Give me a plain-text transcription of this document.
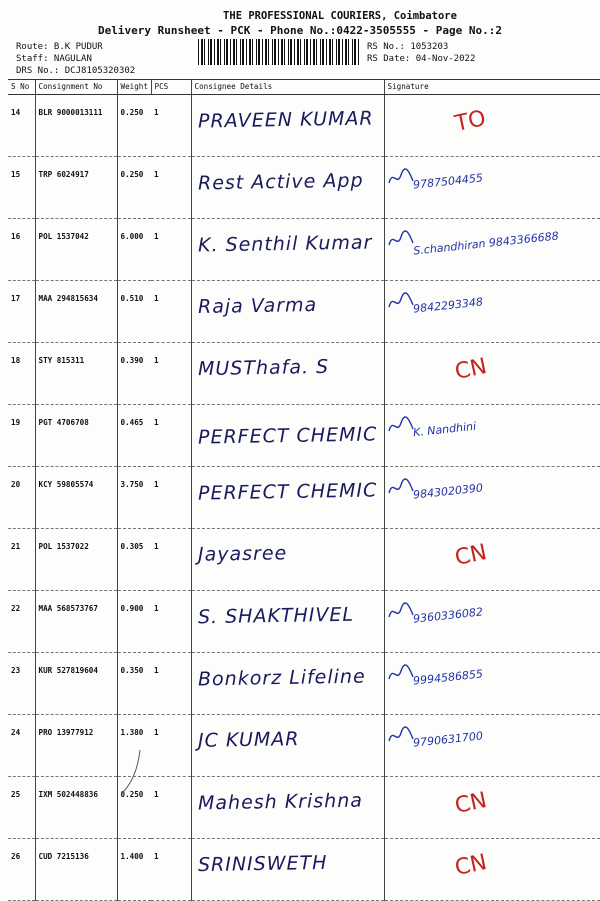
THE PROFESSIONAL COURIERS, Coimbatore
Delivery Runsheet - PCK - Phone No.:0422-3505555 - Page No.:2
Route: B.K PUDUR
Staff: NAGULAN
DRS No.: DCJ8105320302
RS No.: 1053203
RS Date: 04-Nov-2022
S No	Consignment No	Weight	PCS	Consignee Details	Signature
14	BLR 9000013111	0.250	1	PRAVEEN KUMAR	TO

15	TRP 6024917	0.250	1	Rest Active App	9787504455

16	POL 1537042	6.000	1	K. Senthil Kumar	S.chandhiran 9843366688

17	MAA 294815634	0.510	1	Raja Varma	9842293348

18	STY 815311	0.390	1	MUSThafa. S	CN

19	PGT 4706708	0.465	1	PERFECT CHEMIC	K. Nandhini

20	KCY 59805574	3.750	1	PERFECT CHEMIC	9843020390

21	POL 1537022	0.305	1	Jayasree	CN

22	MAA 568573767	0.900	1	S. SHAKTHIVEL	9360336082

23	KUR 527819604	0.350	1	Bonkorz Lifeline	9994586855

24	PRO 13977912	1.380	1	JC KUMAR	9790631700

25	IXM 502448836	0.250	1	Mahesh Krishna	CN

26	CUD 7215136	1.400	1	SRINISWETH	CN
